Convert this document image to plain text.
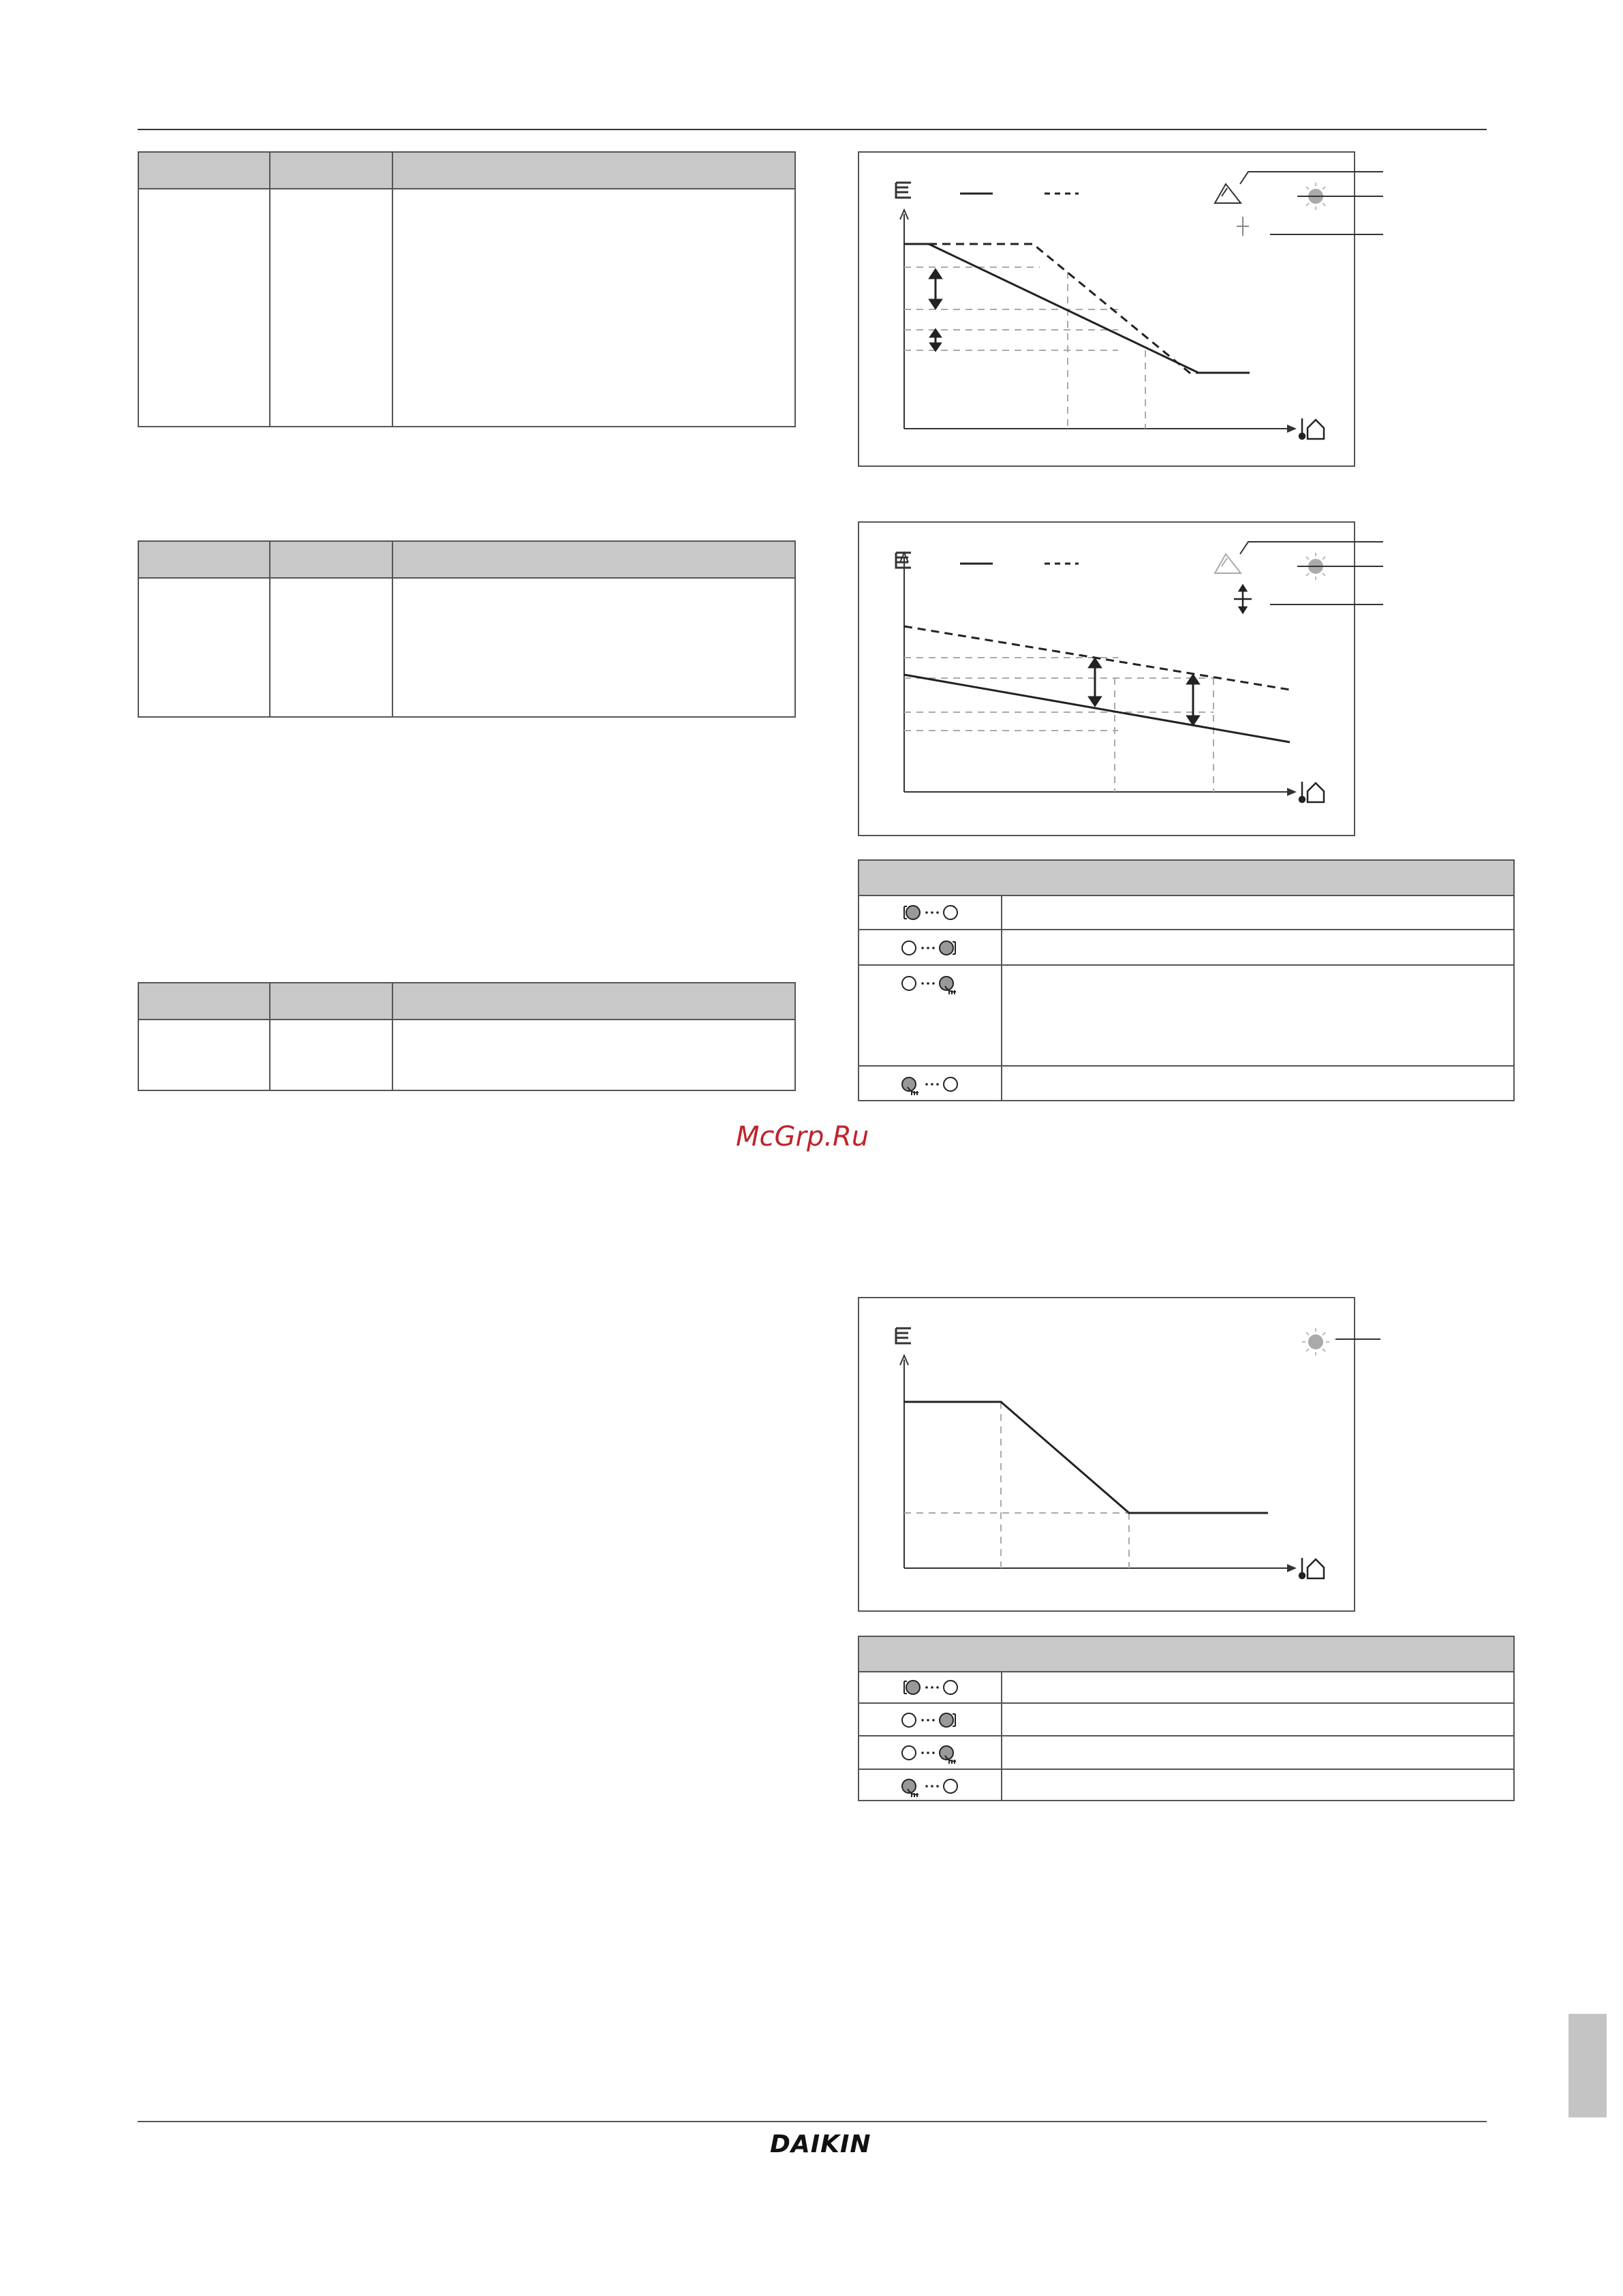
McGrp.Ru
DAIKIN
